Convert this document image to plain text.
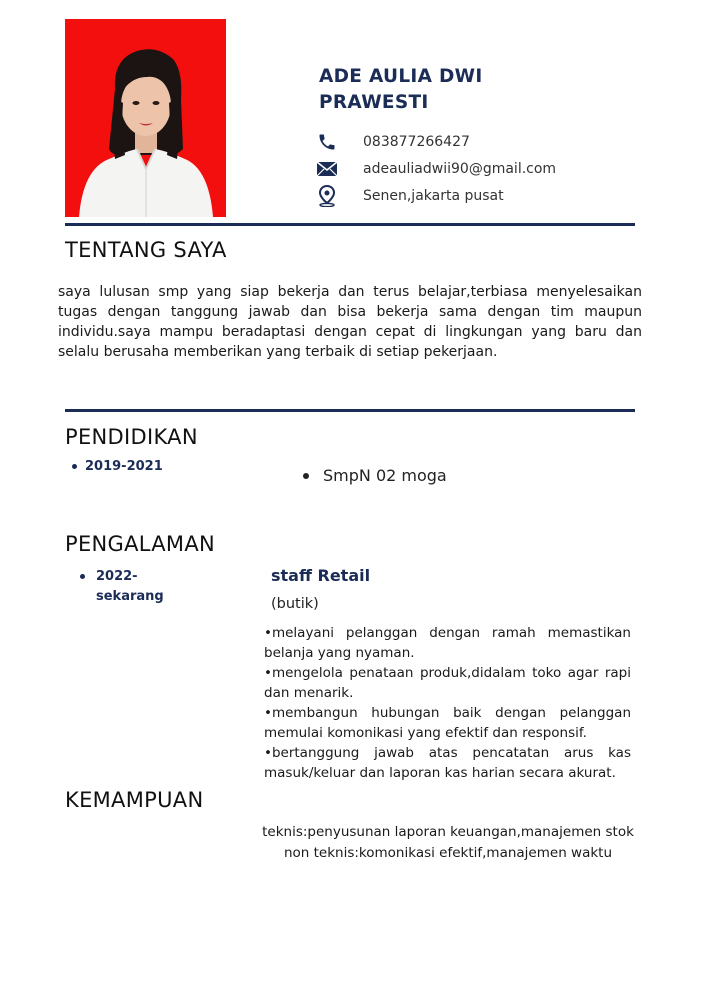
ADE AULIA DWI
PRAWESTI
083877266427
adeauliadwii90@gmail.com
Senen,jakarta pusat
TENTANG SAYA
saya lulusan smp yang siap bekerja dan terus belajar,terbiasa menyelesaikan tugas dengan tanggung jawab dan bisa bekerja sama dengan tim maupun individu.saya mampu beradaptasi dengan cepat di lingkungan yang baru dan selalu berusaha memberikan yang terbaik di setiap pekerjaan.
PENDIDIKAN
2019-2021	SmpN 02 moga
PENGALAMAN
2022-
sekarang
staff Retail
(butik)
•melayani pelanggan dengan ramah memastikan belanja yang nyaman.
•mengelola penataan produk,didalam toko agar rapi dan menarik.
•membangun hubungan baik dengan pelanggan memulai komonikasi yang efektif dan responsif.
•bertanggung jawab atas pencatatan arus kas masuk/keluar dan laporan kas harian secara akurat.
KEMAMPUAN
teknis:penyusunan laporan keuangan,manajemen stok
non teknis:komonikasi efektif,manajemen waktu
